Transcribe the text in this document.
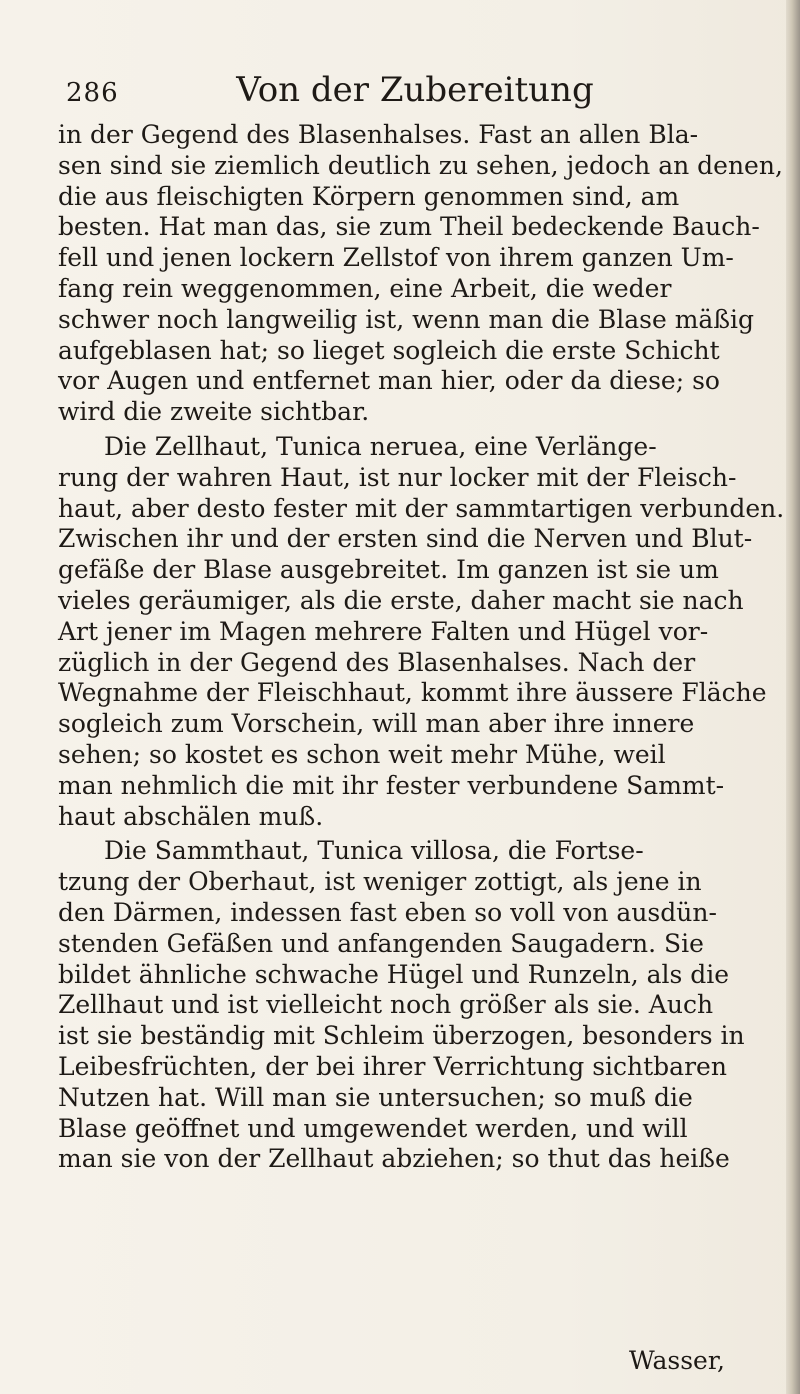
286	Von der Zubereitung

in der Gegend des Blasenhalses. Fast an allen Bla-
sen sind sie ziemlich deutlich zu sehen, jedoch an denen,
die aus fleischigten Körpern genommen sind, am
besten. Hat man das, sie zum Theil bedeckende Bauch-
fell und jenen lockern Zellstof von ihrem ganzen Um-
fang rein weggenommen, eine Arbeit, die weder
schwer noch langweilig ist, wenn man die Blase mäßig
aufgeblasen hat; so lieget sogleich die erste Schicht
vor Augen und entfernet man hier, oder da diese; so
wird die zweite sichtbar.

Die Zellhaut, Tunica neruea, eine Verlänge-
rung der wahren Haut, ist nur locker mit der Fleisch-
haut, aber desto fester mit der sammtartigen verbunden.
Zwischen ihr und der ersten sind die Nerven und Blut-
gefäße der Blase ausgebreitet. Im ganzen ist sie um
vieles geräumiger, als die erste, daher macht sie nach
Art jener im Magen mehrere Falten und Hügel vor-
züglich in der Gegend des Blasenhalses. Nach der
Wegnahme der Fleischhaut, kommt ihre äussere Fläche
sogleich zum Vorschein, will man aber ihre innere
sehen; so kostet es schon weit mehr Mühe, weil
man nehmlich die mit ihr fester verbundene Sammt-
haut abschälen muß.

Die Sammthaut, Tunica villosa, die Fortse-
tzung der Oberhaut, ist weniger zottigt, als jene in
den Därmen, indessen fast eben so voll von ausdün-
stenden Gefäßen und anfangenden Saugadern. Sie
bildet ähnliche schwache Hügel und Runzeln, als die
Zellhaut und ist vielleicht noch größer als sie. Auch
ist sie beständig mit Schleim überzogen, besonders in
Leibesfrüchten, der bei ihrer Verrichtung sichtbaren
Nutzen hat. Will man sie untersuchen; so muß die
Blase geöffnet und umgewendet werden, und will
man sie von der Zellhaut abziehen; so thut das heiße

Wasser,
